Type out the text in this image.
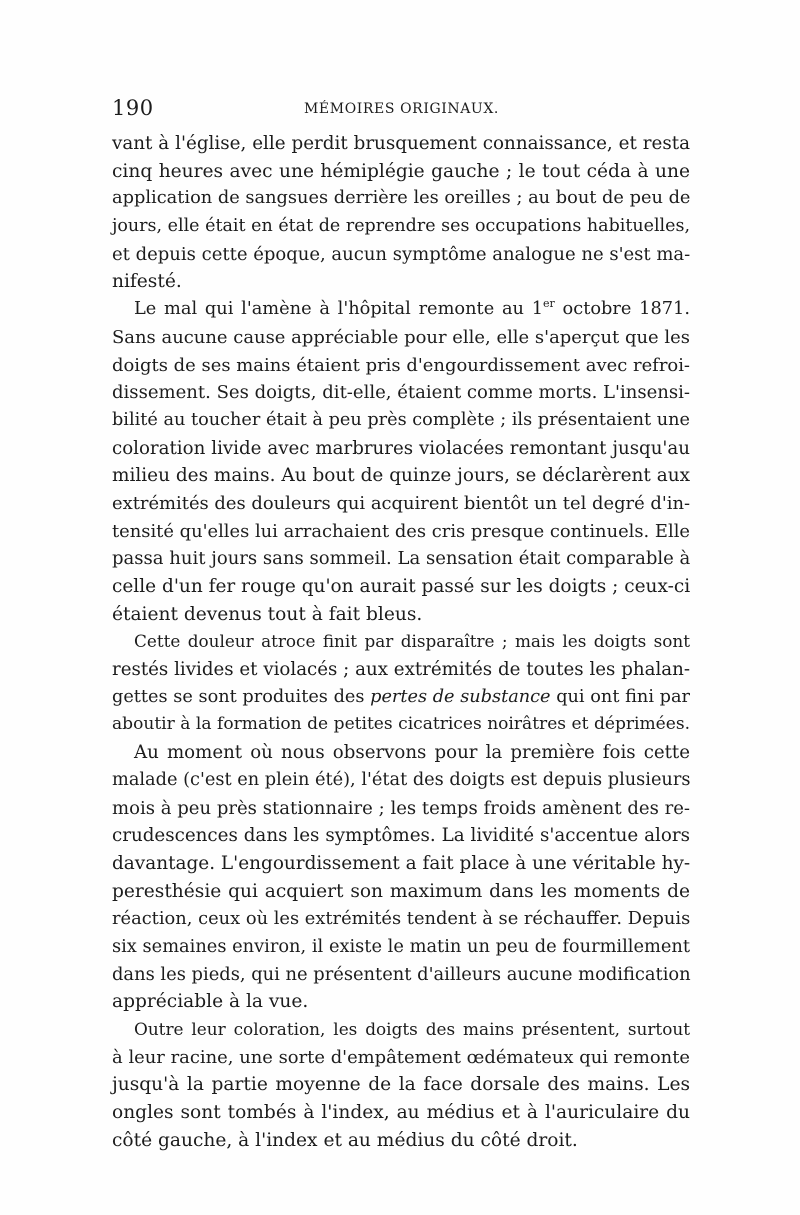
190	MÉMOIRES ORIGINAUX.
vant à l'église, elle perdit brusquement connaissance, et resta
cinq heures avec une hémiplégie gauche ; le tout céda à une
application de sangsues derrière les oreilles ; au bout de peu de
jours, elle était en état de reprendre ses occupations habituelles,
et depuis cette époque, aucun symptôme analogue ne s'est ma-
nifesté.
Le mal qui l'amène à l'hôpital remonte au 1er octobre 1871.
Sans aucune cause appréciable pour elle, elle s'aperçut que les
doigts de ses mains étaient pris d'engourdissement avec refroi-
dissement. Ses doigts, dit-elle, étaient comme morts. L'insensi-
bilité au toucher était à peu près complète ; ils présentaient une
coloration livide avec marbrures violacées remontant jusqu'au
milieu des mains. Au bout de quinze jours, se déclarèrent aux
extrémités des douleurs qui acquirent bientôt un tel degré d'in-
tensité qu'elles lui arrachaient des cris presque continuels. Elle
passa huit jours sans sommeil. La sensation était comparable à
celle d'un fer rouge qu'on aurait passé sur les doigts ; ceux-ci
étaient devenus tout à fait bleus.
Cette douleur atroce finit par disparaître ; mais les doigts sont
restés livides et violacés ; aux extrémités de toutes les phalan-
gettes se sont produites des pertes de substance qui ont fini par
aboutir à la formation de petites cicatrices noirâtres et déprimées.
Au moment où nous observons pour la première fois cette
malade (c'est en plein été), l'état des doigts est depuis plusieurs
mois à peu près stationnaire ; les temps froids amènent des re-
crudescences dans les symptômes. La lividité s'accentue alors
davantage. L'engourdissement a fait place à une véritable hy-
peresthésie qui acquiert son maximum dans les moments de
réaction, ceux où les extrémités tendent à se réchauffer. Depuis
six semaines environ, il existe le matin un peu de fourmillement
dans les pieds, qui ne présentent d'ailleurs aucune modification
appréciable à la vue.
Outre leur coloration, les doigts des mains présentent, surtout
à leur racine, une sorte d'empâtement œdémateux qui remonte
jusqu'à la partie moyenne de la face dorsale des mains. Les
ongles sont tombés à l'index, au médius et à l'auriculaire du
côté gauche, à l'index et au médius du côté droit.
